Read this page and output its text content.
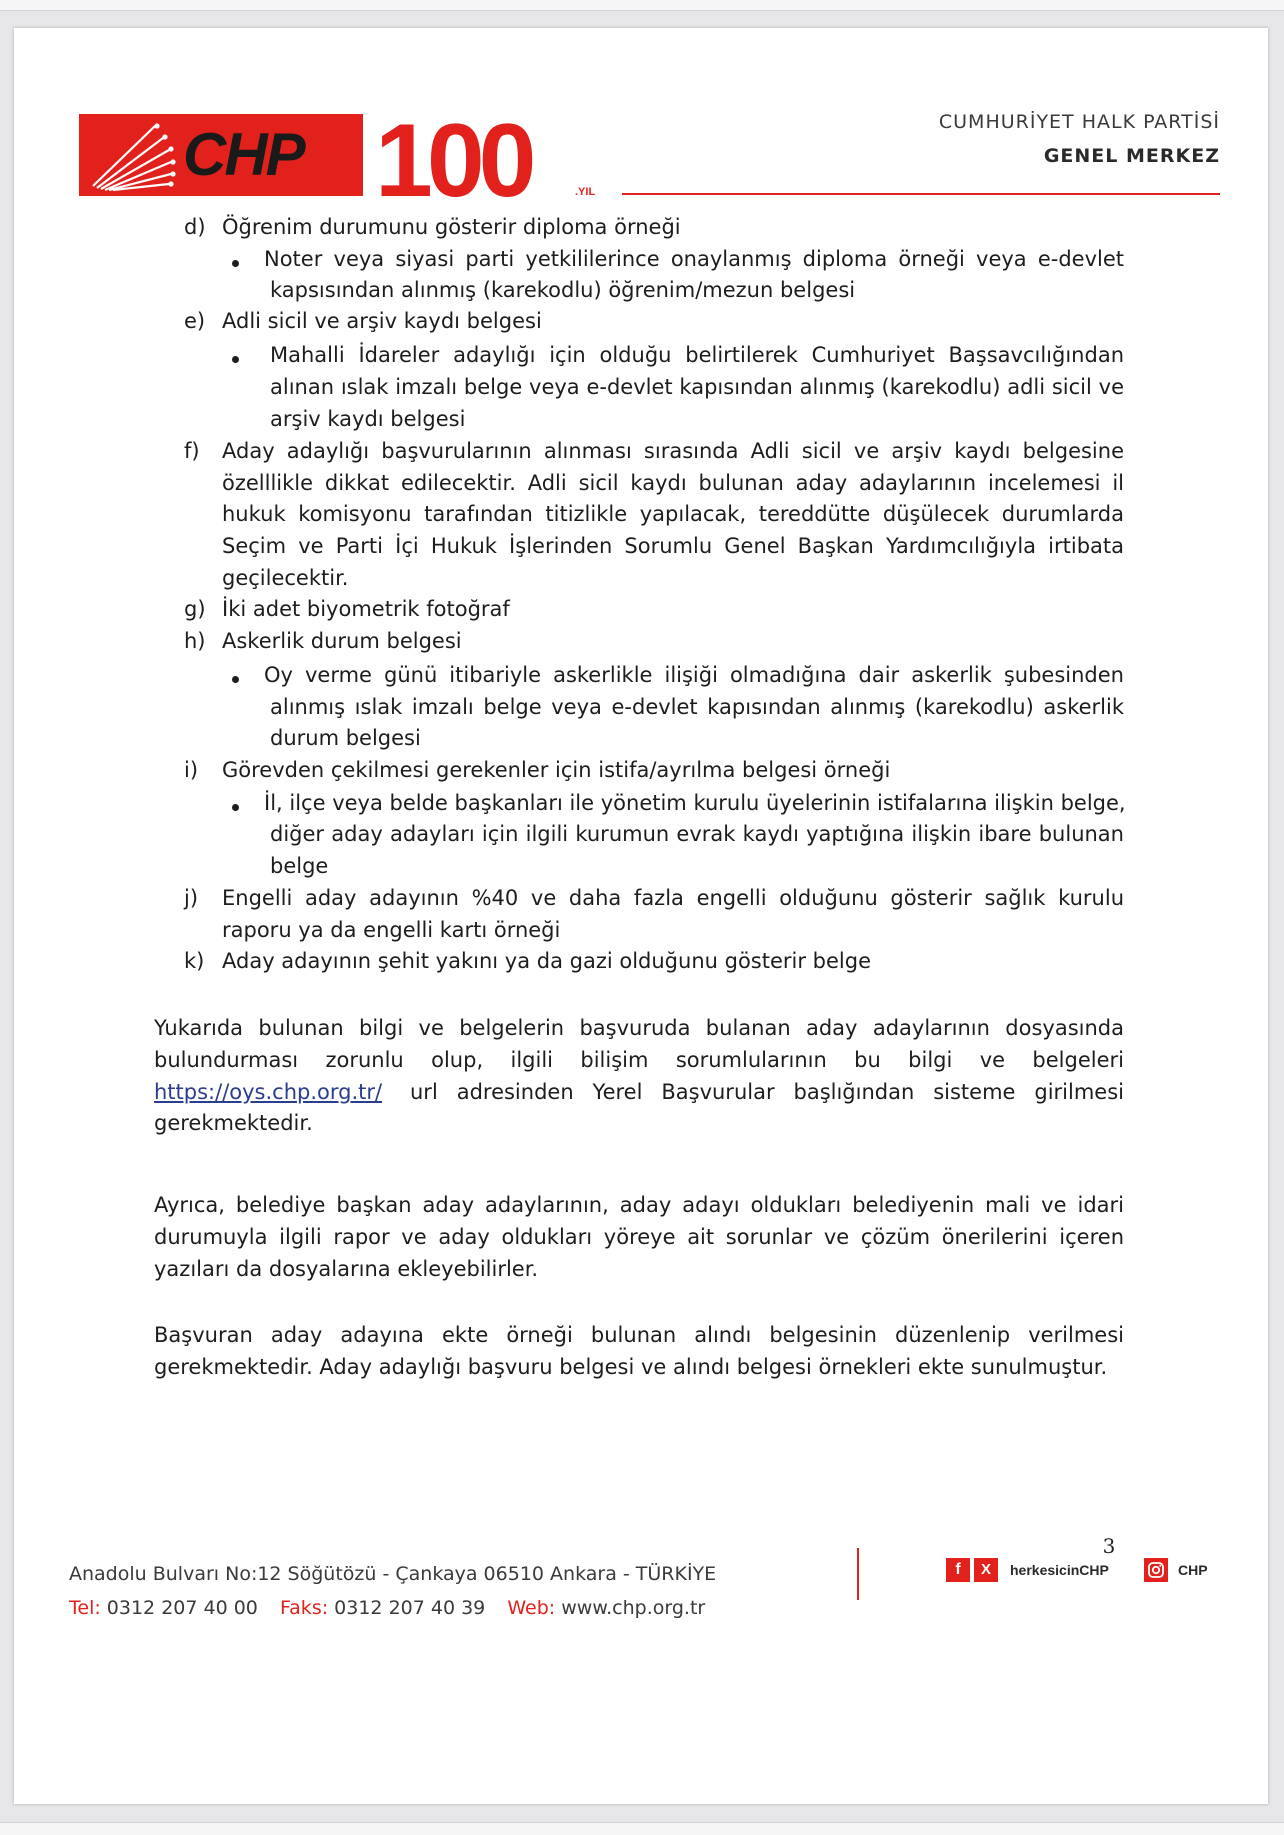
CHP 100	.YIL
CUMHURİYET HALK PARTİSİ
GENEL MERKEZ
d) Öğrenim durumunu gösterir diploma örneği
Noter veya siyasi parti yetkililerince onaylanmış diploma örneği veya e-devlet
kapsısından alınmış (karekodlu) öğrenim/mezun belgesi
e) Adli sicil ve arşiv kaydı belgesi
Mahalli İdareler adaylığı için olduğu belirtilerek Cumhuriyet Başsavcılığından
alınan ıslak imzalı belge veya e-devlet kapısından alınmış (karekodlu) adli sicil ve
arşiv kaydı belgesi
f) Aday adaylığı başvurularının alınması sırasında Adli sicil ve arşiv kaydı belgesine
özelllikle dikkat edilecektir. Adli sicil kaydı bulunan aday adaylarının incelemesi il
hukuk komisyonu tarafından titizlikle yapılacak, tereddütte düşülecek durumlarda
Seçim ve Parti İçi Hukuk İşlerinden Sorumlu Genel Başkan Yardımcılığıyla irtibata
geçilecektir.
g) İki adet biyometrik fotoğraf
h) Askerlik durum belgesi
Oy verme günü itibariyle askerlikle ilişiği olmadığına dair askerlik şubesinden
alınmış ıslak imzalı belge veya e-devlet kapısından alınmış (karekodlu) askerlik
durum belgesi
i) Görevden çekilmesi gerekenler için istifa/ayrılma belgesi örneği
İl, ilçe veya belde başkanları ile yönetim kurulu üyelerinin istifalarına ilişkin belge,
diğer aday adayları için ilgili kurumun evrak kaydı yaptığına ilişkin ibare bulunan
belge
j) Engelli aday adayının %40 ve daha fazla engelli olduğunu gösterir sağlık kurulu
raporu ya da engelli kartı örneği
k) Aday adayının şehit yakını ya da gazi olduğunu gösterir belge
Yukarıda bulunan bilgi ve belgelerin başvuruda bulanan aday adaylarının dosyasında
bulundurması zorunlu olup, ilgili bilişim sorumlularının bu bilgi ve belgeleri
https://oys.chp.org.tr/ url adresinden Yerel Başvurular başlığından sisteme girilmesi
gerekmektedir.
Ayrıca, belediye başkan aday adaylarının, aday adayı oldukları belediyenin mali ve idari
durumuyla ilgili rapor ve aday oldukları yöreye ait sorunlar ve çözüm önerilerini içeren
yazıları da dosyalarına ekleyebilirler.
Başvuran aday adayına ekte örneği bulunan alındı belgesinin düzenlenip verilmesi
gerekmektedir. Aday adaylığı başvuru belgesi ve alındı belgesi örnekleri ekte sunulmuştur.
Anadolu Bulvarı No:12 Söğütözü - Çankaya 06510 Ankara - TÜRKİYE
Tel: 0312 207 40 00 Faks: 0312 207 40 39 Web: www.chp.org.tr
3
f	X	herkesicinCHP	CHP
